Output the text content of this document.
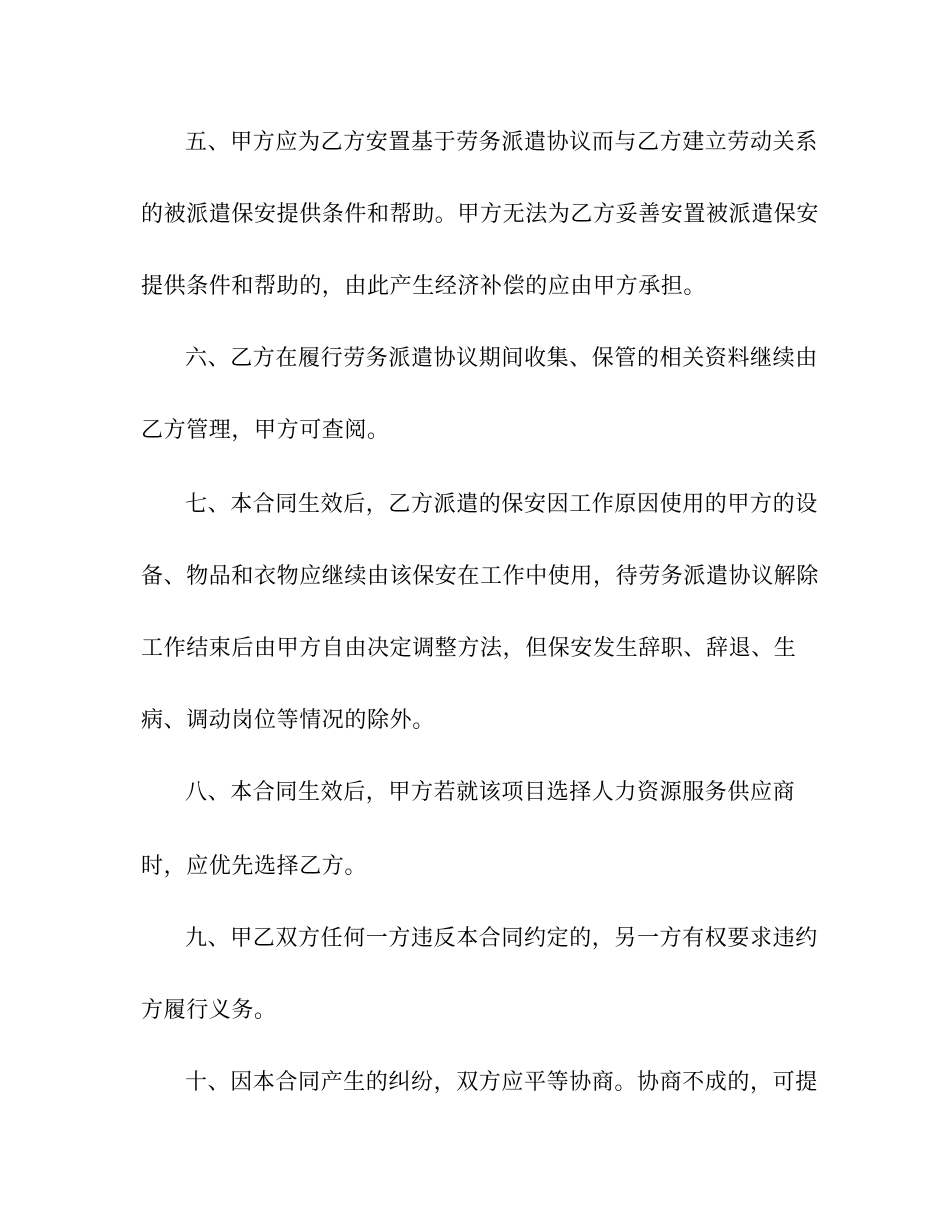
五、甲方应为乙方安置基于劳务派遣协议而与乙方建立劳动关系
的被派遣保安提供条件和帮助。甲方无法为乙方妥善安置被派遣保安
提供条件和帮助的，由此产生经济补偿的应由甲方承担。
六、乙方在履行劳务派遣协议期间收集、保管的相关资料继续由
乙方管理，甲方可查阅。
七、本合同生效后，乙方派遣的保安因工作原因使用的甲方的设
备、物品和衣物应继续由该保安在工作中使用，待劳务派遣协议解除
工作结束后由甲方自由决定调整方法，但保安发生辞职、辞退、生
病、调动岗位等情况的除外。
八、本合同生效后，甲方若就该项目选择人力资源服务供应商
时，应优先选择乙方。
九、甲乙双方任何一方违反本合同约定的，另一方有权要求违约
方履行义务。
十、因本合同产生的纠纷，双方应平等协商。协商不成的，可提
